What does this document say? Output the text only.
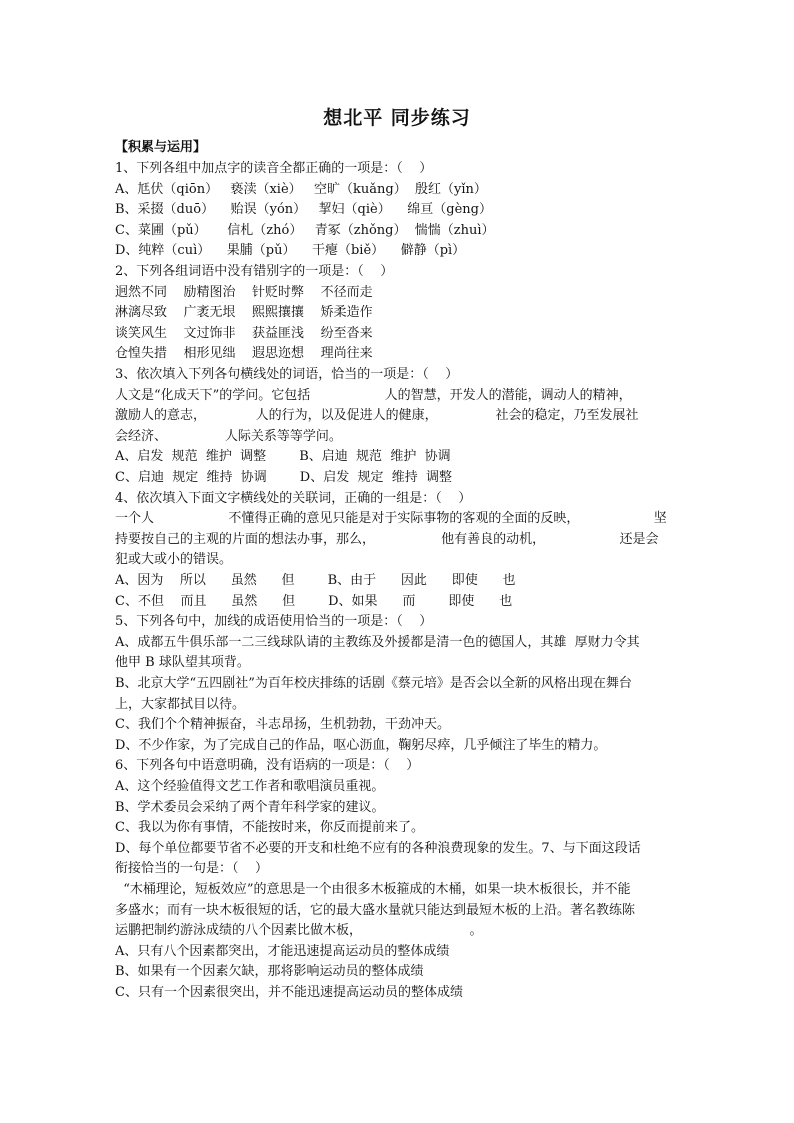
想北平 同步练习
【积累与运用】
1、下列各组中加点字的读音全都正确的一项是：（    ）
A、尪伏（qiōn）   亵渎（xiè）   空旷（kuǎng）  殷红（yǐn）
B、采掇（duō）    贻误（yón）   挈妇（qiè）    绵亘（gèng）
C、菜圃（pǔ）     信札（zhó）   青冢（zhǒng）  惴惴（zhuì）
D、纯粹（cuì）    果脯（pǔ）    干瘪（biě）    僻静（pì）
2、下列各组词语中没有错别字的一项是：（    ）
迥然不同    励精图治    针贬时弊    不径而走
淋漓尽致    广袤无垠    熙熙攘攘    矫柔造作
谈笑风生    文过饰非    获益匪浅    纷至沓来
仓惶失措    相形见绌    遐思迩想    理尚往来
3、依次填入下列各句横线处的词语，恰当的一项是：（    ）
人文是“化成天下”的学问。它包括                  人的智慧，开发人的潜能，调动人的精神，
激励人的意志，            人的行为，以及促进人的健康，              社会的稳定，乃至发展社
会经济、              人际关系等等学问。
A、启发  规范  维护  调整        B、启迪  规范  维护  协调
C、启迪  规定  维持  协调        D、启发  规定  维持  调整
4、依次填入下面文字横线处的关联词，正确的一组是：（    ）
一个人                  不懂得正确的意见只能是对于实际事物的客观的全面的反映，                  坚
持要按自己的主观的片面的想法办事，那么，                他有善良的动机，                  还是会
犯或大或小的错误。
A、因为    所以      虽然      但        B、由于      因此      即使      也
C、不但    而且      虽然      但        D、如果      而        即使      也
5、下列各句中，加线的成语使用恰当的一项是：（    ）
A、成都五牛俱乐部一二三线球队请的主教练及外援都是清一色的德国人，其雄  厚财力令其
他甲 B 球队望其项背。
B、北京大学“五四剧社”为百年校庆排练的话剧《蔡元培》是否会以全新的风格出现在舞台
上，大家都拭目以待。
C、我们个个精神振奋，斗志昂扬，生机勃勃，干劲冲天。
D、不少作家，为了完成自己的作品，呕心沥血，鞠躬尽瘁，几乎倾注了毕生的精力。
6、下列各句中语意明确，没有语病的一项是：（    ）
A、这个经验值得文艺工作者和歌唱演员重视。
B、学术委员会采纳了两个青年科学家的建议。
C、我以为你有事情，不能按时来，你反而提前来了。
D、每个单位都要节省不必要的开支和杜绝不应有的各种浪费现象的发生。7、与下面这段话
衔接恰当的一句是：（    ）
“木桶理论，短板效应”的意思是一个由很多木板箍成的木桶，如果一块木板很长，并不能
多盛水；而有一块木板很短的话，它的最大盛水量就只能达到最短木板的上沿。著名教练陈
运鹏把制约游泳成绩的八个因素比做木板，                          。
A、只有八个因素都突出，才能迅速提高运动员的整体成绩
B、如果有一个因素欠缺，那将影响运动员的整体成绩
C、只有一个因素很突出，并不能迅速提高运动员的整体成绩
